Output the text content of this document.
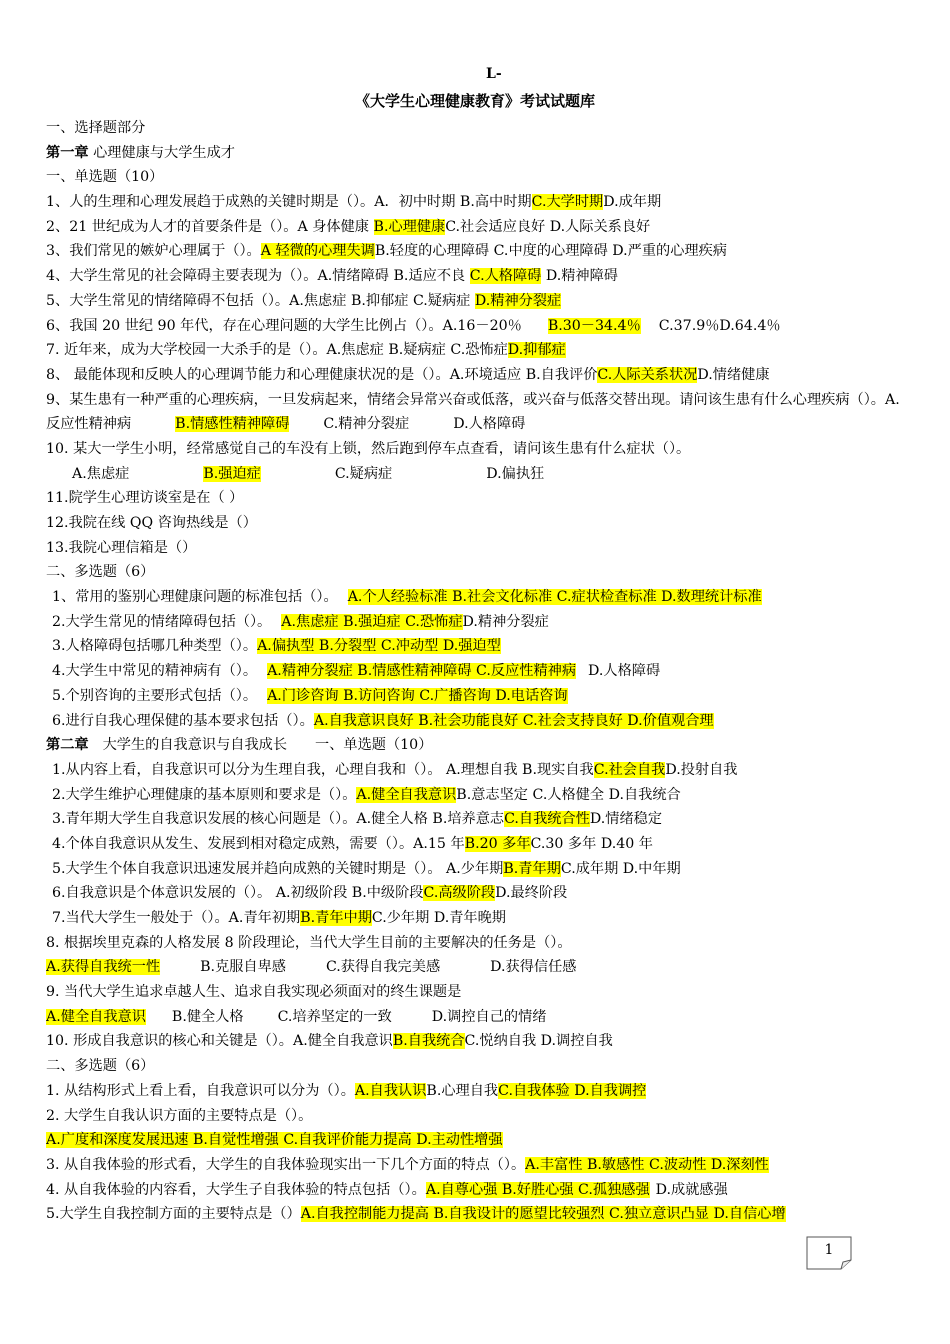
L-
《大学生心理健康教育》考试试题库
一、选择题部分
第一章 心理健康与大学生成才
一、单选题（10）
1、人的生理和心理发展趋于成熟的关键时期是（）。A．初中时期 B.高中时期C.大学时期D.成年期
2、21 世纪成为人才的首要条件是（）。A 身体健康 B.心理健康C.社会适应良好 D.人际关系良好
3、我们常见的嫉妒心理属于（）。A 轻微的心理失调B.轻度的心理障碍 C.中度的心理障碍 D.严重的心理疾病
4、大学生常见的社会障碍主要表现为（）。A.情绪障碍 B.适应不良 C.人格障碍 D.精神障碍
5、大学生常见的情绪障碍不包括（）。A.焦虑症 B.抑郁症 C.疑病症 D.精神分裂症
6、我国 20 世纪 90 年代，存在心理问题的大学生比例占（）。A.16－20％ B.30－34.4％ C.37.9％D.64.4％
7. 近年来，成为大学校园一大杀手的是（）。A.焦虑症 B.疑病症 C.恐怖症D.抑郁症
8、 最能体现和反映人的心理调节能力和心理健康状况的是（）。A.环境适应 B.自我评价C.人际关系状况D.情绪健康
9、某生患有一种严重的心理疾病，一旦发病起来，情绪会异常兴奋或低落，或兴奋与低落交替出现。请问该生患有什么心理疾病（）。A.反应性精神病	B.情感性精神障碍 C.精神分裂症	D.人格障碍
10. 某大一学生小明，经常感觉自己的车没有上锁，然后跑到停车点查看，请问该生患有什么症状（）。
A.焦虑症	B.强迫症	C.疑病症	D.偏执狂
11.院学生心理访谈室是在（ ）
12.我院在线 QQ 咨询热线是（）
13.我院心理信箱是（）
二、多选题（6）
1、常用的鉴别心理健康问题的标准包括（）。 A.个人经验标准 B.社会文化标准 C.症状检查标准 D.数理统计标准
2.大学生常见的情绪障碍包括（）。 A.焦虑症 B.强迫症 C.恐怖症D.精神分裂症
3.人格障碍包括哪几种类型（）。A.偏执型 B.分裂型 C.冲动型 D.强迫型
4.大学生中常见的精神病有（）。 A.精神分裂症 B.情感性精神障碍 C.反应性精神病 D.人格障碍
5.个别咨询的主要形式包括（）。 A.门诊咨询 B.访问咨询 C.广播咨询 D.电话咨询
6.进行自我心理保健的基本要求包括（）。A.自我意识良好 B.社会功能良好 C.社会支持良好 D.价值观合理
第二章 大学生的自我意识与自我成长 一、单选题（10）
1.从内容上看，自我意识可以分为生理自我，心理自我和（）。 A.理想自我 B.现实自我C.社会自我D.投射自我
2.大学生维护心理健康的基本原则和要求是（）。A.健全自我意识B.意志坚定 C.人格健全 D.自我统合
3.青年期大学生自我意识发展的核心问题是（）。A.健全人格 B.培养意志C.自我统合性D.情绪稳定
4.个体自我意识从发生、发展到相对稳定成熟，需要（）。A.15 年B.20 多年C.30 多年 D.40 年
5.大学生个体自我意识迅速发展并趋向成熟的关键时期是（）。 A.少年期B.青年期C.成年期 D.中年期
6.自我意识是个体意识发展的（）。 A.初级阶段 B.中级阶段C.高级阶段D.最终阶段
7.当代大学生一般处于（）。A.青年初期B.青年中期C.少年期 D.青年晚期
8. 根据埃里克森的人格发展 8 阶段理论，当代大学生目前的主要解决的任务是（）。
A.获得自我统一性	B.克服自卑感	C.获得自我完美感	D.获得信任感
9. 当代大学生追求卓越人生、追求自我实现必须面对的终生课题是
A.健全自我意识 B.健全人格 C.培养坚定的一致	D.调控自己的情绪
10. 形成自我意识的核心和关键是（）。A.健全自我意识B.自我统合C.悦纳自我 D.调控自我
二、多选题（6）
1. 从结构形式上看上看，自我意识可以分为（）。A.自我认识B.心理自我C.自我体验 D.自我调控
2. 大学生自我认识方面的主要特点是（）。
A.广度和深度发展迅速 B.自觉性增强 C.自我评价能力提高 D.主动性增强
3. 从自我体验的形式看，大学生的自我体验现实出一下几个方面的特点（）。A.丰富性 B.敏感性 C.波动性 D.深刻性
4. 从自我体验的内容看，大学生子自我体验的特点包括（）。A.自尊心强 B.好胜心强 C.孤独感强 D.成就感强
5.大学生自我控制方面的主要特点是（）A.自我控制能力提高 B.自我设计的愿望比较强烈 C.独立意识凸显 D.自信心增
1
